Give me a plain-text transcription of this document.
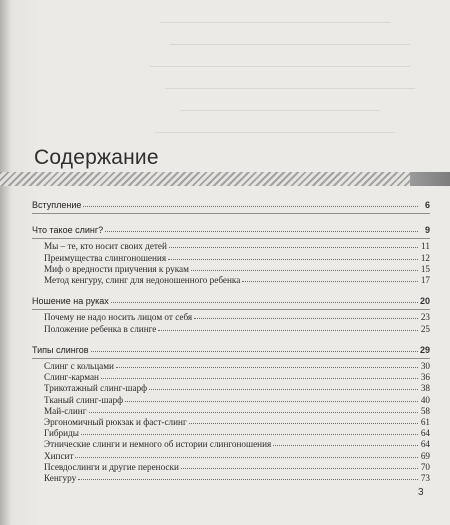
Содержание
Вступление	6
Что такое слинг?	9
Мы – те, кто носит своих детей	11
Преимущества слингоношения	12
Миф о вредности приучения к рукам	15
Метод кенгуру, слинг для недоношенного ребенка	17
Ношение на руках	20
Почему не надо носить лицом от себя	23
Положение ребенка в слинге	25
Типы слингов	29
Слинг с кольцами	30
Слинг-карман	36
Трикотажный слинг-шарф	38
Тканый слинг-шарф	40
Май-слинг	58
Эргономичный рюкзак и фаст-слинг	61
Гибриды	64
Этнические слинги и немного об истории слингоношения	64
Хипсит	69
Псевдослинги и другие переноски	70
Кенгуру	73
3
